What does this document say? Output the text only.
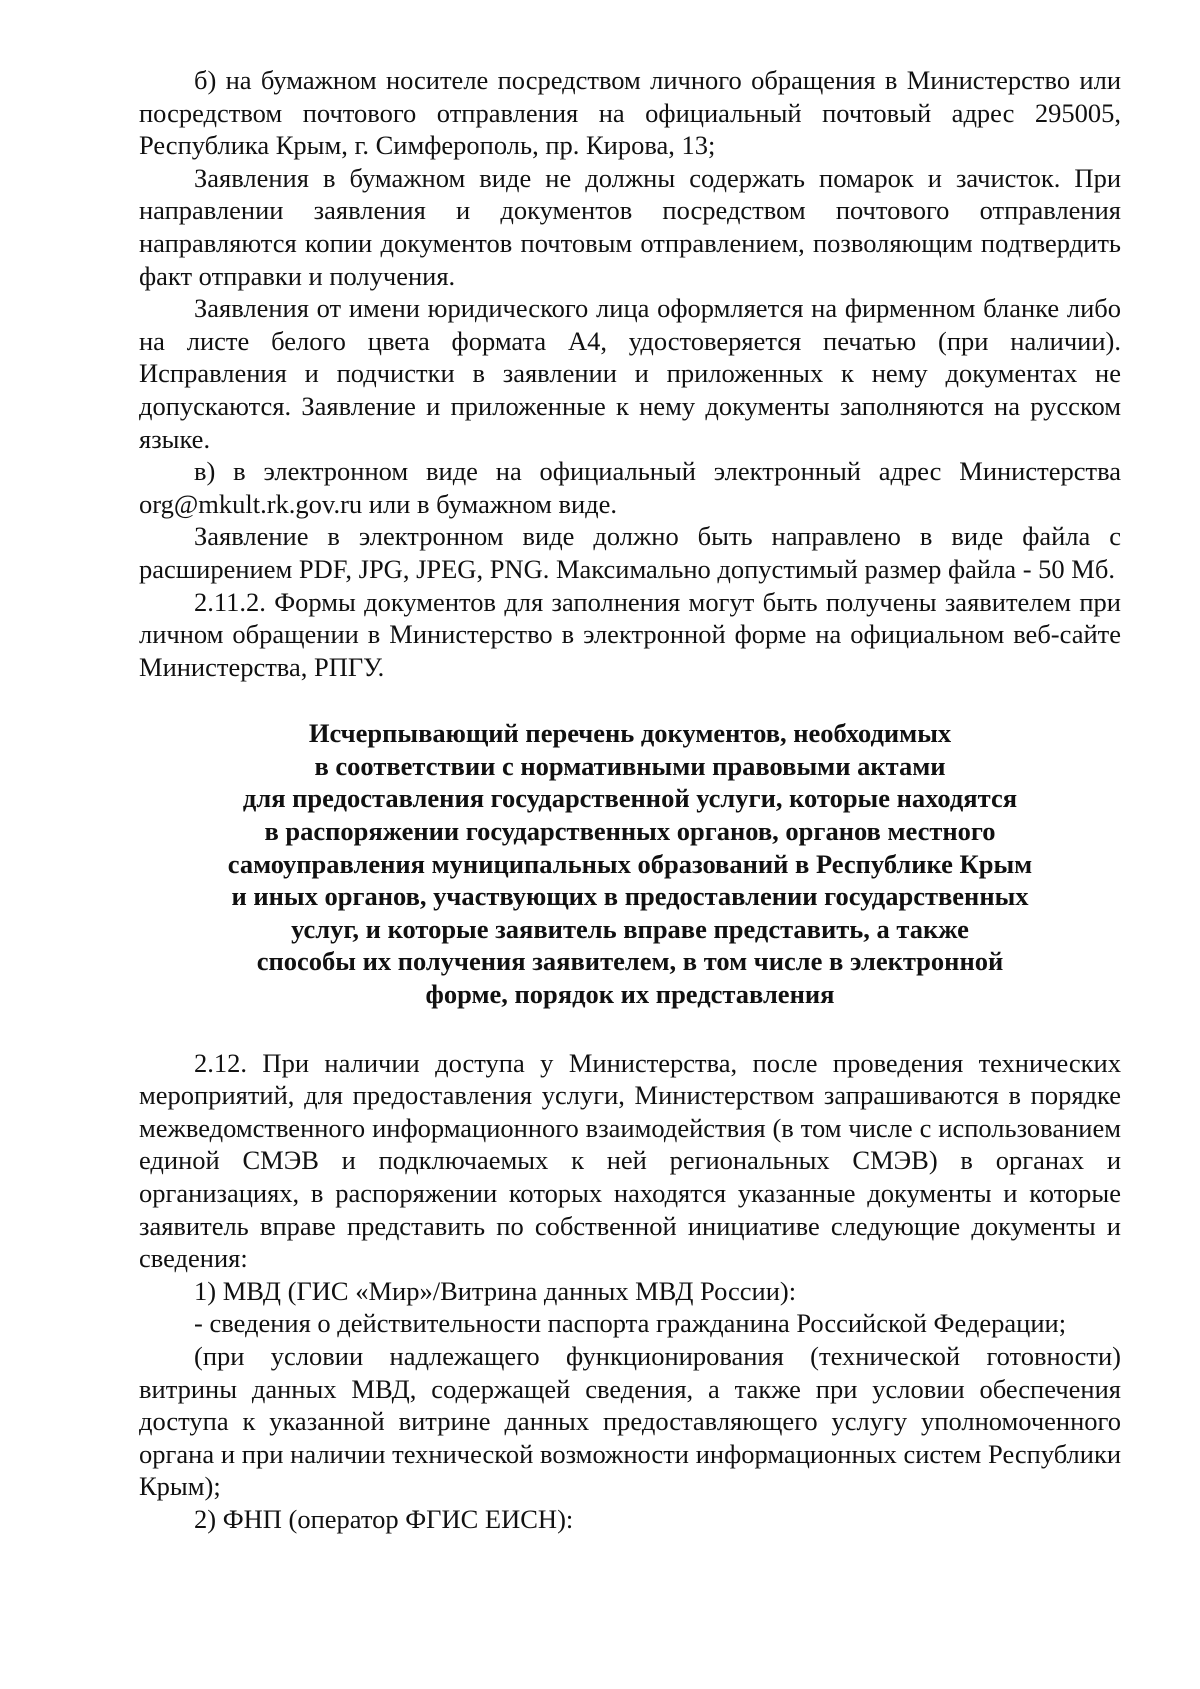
б) на бумажном носителе посредством личного обращения в Министерство или посредством почтового отправления на официальный почтовый адрес 295005, Республика Крым, г. Симферополь, пр. Кирова, 13;

Заявления в бумажном виде не должны содержать помарок и зачисток. При направлении заявления и документов посредством почтового отправления направляются копии документов почтовым отправлением, позволяющим подтвердить факт отправки и получения.

Заявления от имени юридического лица оформляется на фирменном бланке либо на листе белого цвета формата А4, удостоверяется печатью (при наличии). Исправления и подчистки в заявлении и приложенных к нему документах не допускаются. Заявление и приложенные к нему документы заполняются на русском языке.

в) в электронном виде на официальный электронный адрес Министерства org@mkult.rk.gov.ru или в бумажном виде.

Заявление в электронном виде должно быть направлено в виде файла с расширением PDF, JPG, JPEG, PNG. Максимально допустимый размер файла - 50 Мб.

2.11.2. Формы документов для заполнения могут быть получены заявителем при личном обращении в Министерство в электронной форме на официальном веб-сайте Министерства, РПГУ.

Исчерпывающий перечень документов, необходимых
в соответствии с нормативными правовыми актами
для предоставления государственной услуги, которые находятся
в распоряжении государственных органов, органов местного
самоуправления муниципальных образований в Республике Крым
и иных органов, участвующих в предоставлении государственных
услуг, и которые заявитель вправе представить, а также
способы их получения заявителем, в том числе в электронной
форме, порядок их представления

2.12. При наличии доступа у Министерства, после проведения технических мероприятий, для предоставления услуги, Министерством запрашиваются в порядке межведомственного информационного взаимодействия (в том числе с использованием единой СМЭВ и подключаемых к ней региональных СМЭВ) в органах и организациях, в распоряжении которых находятся указанные документы и которые заявитель вправе представить по собственной инициативе следующие документы и сведения:

1) МВД (ГИС «Мир»/Витрина данных МВД России):

- сведения о действительности паспорта гражданина Российской Федерации;

(при условии надлежащего функционирования (технической готовности) витрины данных МВД, содержащей сведения, а также при условии обеспечения доступа к указанной витрине данных предоставляющего услугу уполномоченного органа и при наличии технической возможности информационных систем Республики Крым);

2) ФНП (оператор ФГИС ЕИСН):
